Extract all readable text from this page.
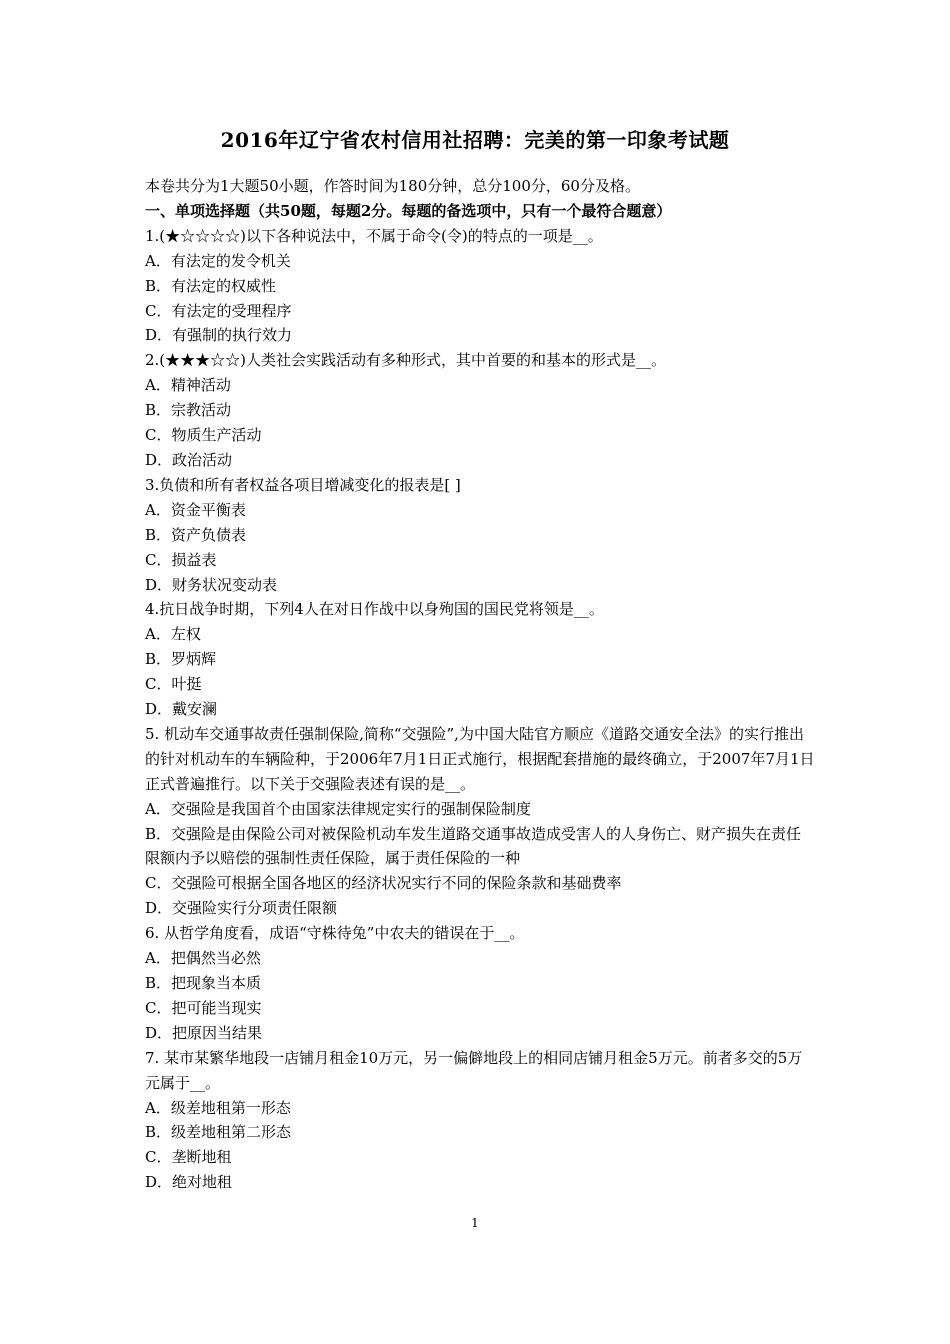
2016年辽宁省农村信用社招聘：完美的第一印象考试题
本卷共分为1大题50小题，作答时间为180分钟，总分100分，60分及格。
一、单项选择题（共50题，每题2分。每题的备选项中，只有一个最符合题意）
1.(★☆☆☆☆)以下各种说法中，不属于命令(令)的特点的一项是__。
A．有法定的发令机关
B．有法定的权威性
C．有法定的受理程序
D．有强制的执行效力
2.(★★★☆☆)人类社会实践活动有多种形式，其中首要的和基本的形式是__。
A．精神活动
B．宗教活动
C．物质生产活动
D．政治活动
3.负债和所有者权益各项目增减变化的报表是[ ]
A．资金平衡表
B．资产负债表
C．损益表
D．财务状况变动表
4.抗日战争时期，下列4人在对日作战中以身殉国的国民党将领是__。
A．左权
B．罗炳辉
C．叶挺
D．戴安澜
5. 机动车交通事故责任强制保险,简称“交强险”,为中国大陆官方顺应《道路交通安全法》的实行推出的针对机动车的车辆险种，于2006年7月1日正式施行，根据配套措施的最终确立，于2007年7月1日正式普遍推行。以下关于交强险表述有误的是__。
A．交强险是我国首个由国家法律规定实行的强制保险制度
B．交强险是由保险公司对被保险机动车发生道路交通事故造成受害人的人身伤亡、财产损失在责任限额内予以赔偿的强制性责任保险，属于责任保险的一种
C．交强险可根据全国各地区的经济状况实行不同的保险条款和基础费率
D．交强险实行分项责任限额
6. 从哲学角度看，成语“守株待兔”中农夫的错误在于__。
A．把偶然当必然
B．把现象当本质
C．把可能当现实
D．把原因当结果
7. 某市某繁华地段一店铺月租金10万元，另一偏僻地段上的相同店铺月租金5万元。前者多交的5万元属于__。
A．级差地租第一形态
B．级差地租第二形态
C．垄断地租
D．绝对地租
1
